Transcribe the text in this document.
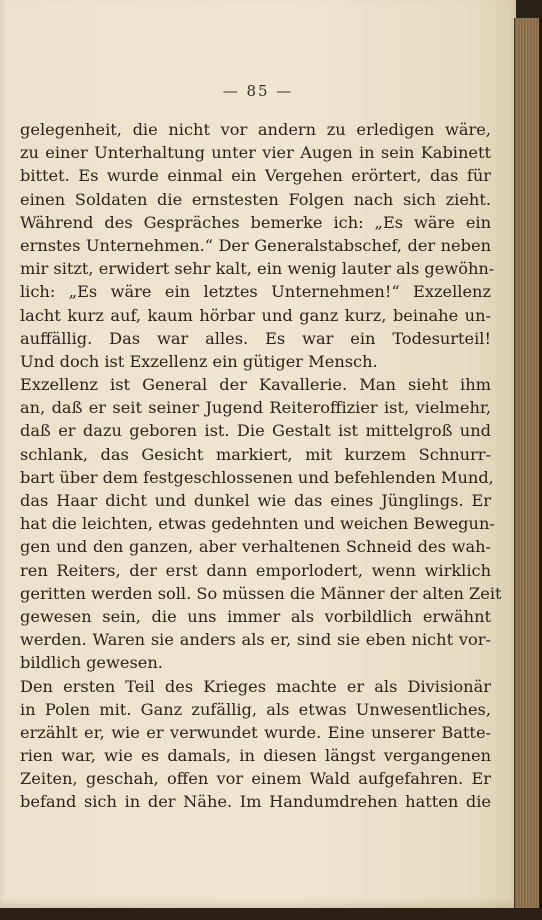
— 85 —
gelegenheit, die nicht vor andern zu erledigen wäre,
zu einer Unterhaltung unter vier Augen in sein Kabinett
bittet. Es wurde einmal ein Vergehen erörtert, das für
einen Soldaten die ernstesten Folgen nach sich zieht.
Während des Gespräches bemerke ich: „Es wäre ein
ernstes Unternehmen.“ Der Generalstabschef, der neben
mir sitzt, erwidert sehr kalt, ein wenig lauter als gewöhn-
lich: „Es wäre ein letztes Unternehmen!“ Exzellenz
lacht kurz auf, kaum hörbar und ganz kurz, beinahe un-
auffällig. Das war alles. Es war ein Todesurteil!
Und doch ist Exzellenz ein gütiger Mensch.
Exzellenz ist General der Kavallerie. Man sieht ihm
an, daß er seit seiner Jugend Reiteroffizier ist, vielmehr,
daß er dazu geboren ist. Die Gestalt ist mittelgroß und
schlank, das Gesicht markiert, mit kurzem Schnurr-
bart über dem festgeschlossenen und befehlenden Mund,
das Haar dicht und dunkel wie das eines Jünglings. Er
hat die leichten, etwas gedehnten und weichen Bewegun-
gen und den ganzen, aber verhaltenen Schneid des wah-
ren Reiters, der erst dann emporlodert, wenn wirklich
geritten werden soll. So müssen die Männer der alten Zeit
gewesen sein, die uns immer als vorbildlich erwähnt
werden. Waren sie anders als er, sind sie eben nicht vor-
bildlich gewesen.
Den ersten Teil des Krieges machte er als Divisionär
in Polen mit. Ganz zufällig, als etwas Unwesentliches,
erzählt er, wie er verwundet wurde. Eine unserer Batte-
rien war, wie es damals, in diesen längst vergangenen
Zeiten, geschah, offen vor einem Wald aufgefahren. Er
befand sich in der Nähe. Im Handumdrehen hatten die
